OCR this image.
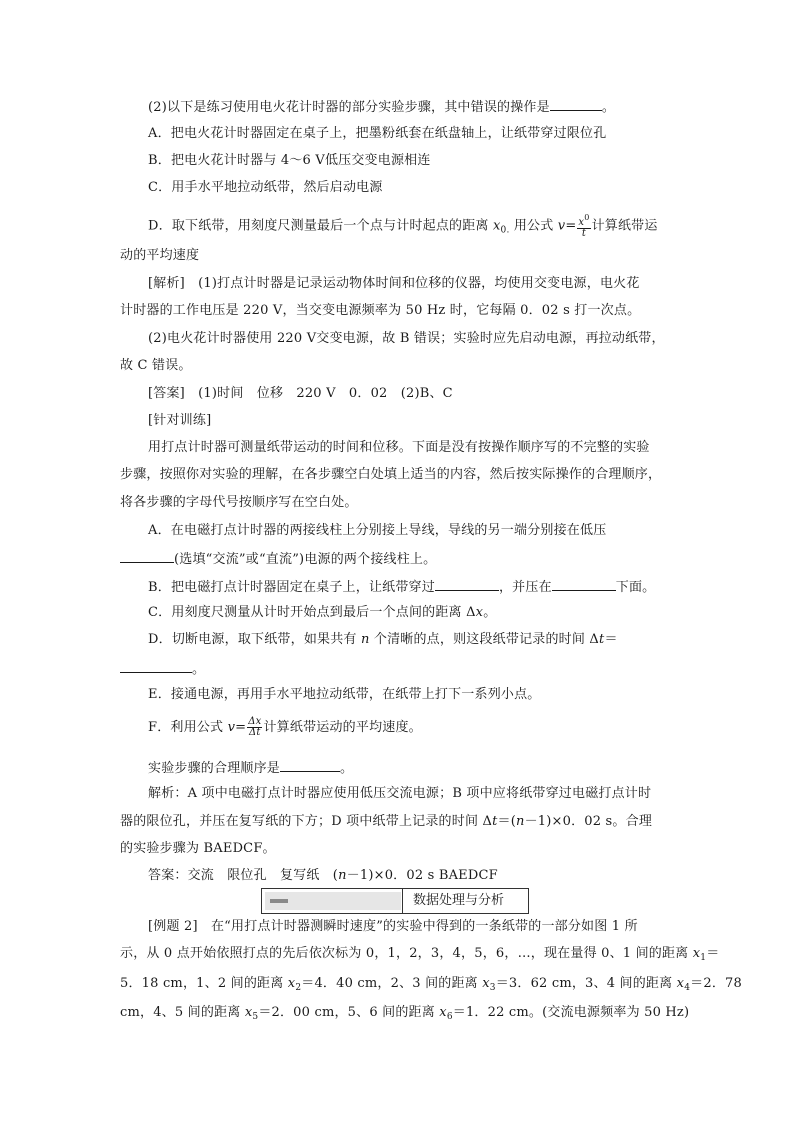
(2)以下是练习使用电火花计时器的部分实验步骤，其中错误的操作是	。
A．把电火花计时器固定在桌子上，把墨粉纸套在纸盘轴上，让纸带穿过限位孔
B．把电火花计时器与 4～6 V低压交变电源相连
C．用手水平地拉动纸带，然后启动电源
D．取下纸带，用刻度尺测量最后一个点与计时起点的距离 $x_{0.}$ 用公式 $v= \frac{x^0}{t}$ 计算纸带运
动的平均速度
[解析]　(1)打点计时器是记录运动物体时间和位移的仪器，均使用交变电源，电火花
计时器的工作电压是 220 V，当交变电源频率为 50 Hz 时，它每隔 0．02 s 打一次点。
(2)电火花计时器使用 220 V交变电源，故 B 错误；实验时应先启动电源，再拉动纸带，
故 C 错误。
[答案]　(1)时间　位移　220 V　0．02　(2)B、C
[针对训练]
用打点计时器可测量纸带运动的时间和位移。下面是没有按操作顺序写的不完整的实验
步骤，按照你对实验的理解，在各步骤空白处填上适当的内容，然后按实际操作的合理顺序，
将各步骤的字母代号按顺序写在空白处。
A．在电磁打点计时器的两接线柱上分别接上导线，导线的另一端分别接在低压
(选填“交流”或“直流”)电源的两个接线柱上。
B．把电磁打点计时器固定在桌子上，让纸带穿过	，并压在	下面。
C．用刻度尺测量从计时开始点到最后一个点间的距离 Δx。
D．切断电源，取下纸带，如果共有 n 个清晰的点，则这段纸带记录的时间 Δt＝
。
E．接通电源，再用手水平地拉动纸带，在纸带上打下一系列小点。
F．利用公式 $v= \frac{\Delta x}{\Delta t}$ 计算纸带运动的平均速度。
实验步骤的合理顺序是	。
解析：A 项中电磁打点计时器应使用低压交流电源；B 项中应将纸带穿过电磁打点计时
器的限位孔，并压在复写纸的下方；D 项中纸带上记录的时间 Δt＝(n－1)×0．02 s。合理
的实验步骤为 BAEDCF。
答案：交流　限位孔　复写纸　(n－1)×0．02 s BAEDCF
数据处理与分析
[例题 2]　在“用打点计时器测瞬时速度”的实验中得到的一条纸带的一部分如图 1 所
示，从 0 点开始依照打点的先后依次标为 0，1，2，3，4，5，6，…，现在量得 0、1 间的距离 $x_1=$
5．18 cm，1、2 间的距离 $x_2=4$．40 cm，2、3 间的距离 $x_3=3$．62 cm，3、4 间的距离 $x_4=2$．78
cm，4、5 间的距离 $x_5=2$．00 cm，5、6 间的距离 $x_6=1$．22 cm。(交流电源频率为 50 Hz)
